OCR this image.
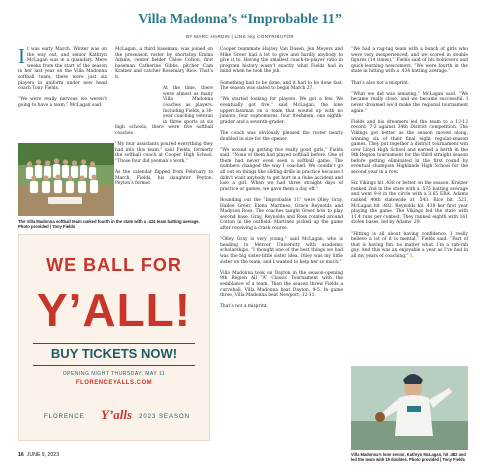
Villa Madonna’s “Improbable 11”
BY MARC HARDIN | LINK nky CONTRIBUTOR

It was early March. Winter was on the way out, and senior Kathryn McLagan was in a quandary. Mere weeks from the start of the season in her last year on the Villa Madonna softball team, there were just six players in uniform under new head coach Tony Fields.

“We were really nervous we weren’t going to have a team,” McLagan said.

McLagan, a third baseman, was joined on the preseason roster by shortstop Emma Adams, center fielder Chloe Cotton, first baseman Catherine Gibbs, pitcher Cam Kratzer and catcher Rosemary Rice. That’s it.

At the time, there were almost as many Villa Madonna coaches as players. Including Fields, a 36-year coaching veteran in three sports at six high schools, there were five softball coaches.

“My four assistants poured everything they had into this team,” said Fields, formerly the softball coach at Cooper High School. “Those four did yeoman’s work.”

As the calendar flipped from February to March, Fields, his daughter Peyton, Peyton’s former

Cooper teammate Hayley Van Dusen, Jen Meyers and Mike Greer had a lot to give and hardly anybody to give it to. Having the smallest coach-to-player ratio in program history wasn’t exactly what Fields had in mind when he took the job.

Something had to be done, and it had to be done fast. The season was slated to begin March 27.

“We started looking for players. We got a few. We eventually got five,” said McLagan, the lone upperclassman on a team that wound up with no juniors, four sophomores, four freshmen, one eighth-grader and a seventh-grader.

The coach was obviously pleased the roster nearly doubled in size for the opener.

“We wound up getting five really good girls,” Fields said. “None of them had played softball before. One of them had never even seen a softball game. The numbers changed the way I coached. We couldn’t go all out on things like sliding drills in practice because I didn’t want anybody to get hurt in a fluke accident and lose a girl. When we had three straight days of practice or games, we gave them a day off.”

Rounding out the “Improbable 11” were Olley Gray, Hailee Greer, Elena Martinez, Grace Reynolds and Madyson Ross. The coaches taught Greer how to play second base. Gray, Reynolds and Ross rotated around Cotton in the outfield. Martinez picked up the game after receiving a crash course.

“Olley Gray is very young,” said McLagan, who is heading to Mercer University with academic scholarships. “I thought one of the best things we had was the big sister-little sister idea. Olley was my little sister on the team, and I wanted to help her so much.”

Villa Madonna took on Dayton in the season-opening 9th Region All “A” Classic Tournament with the semblance of a team. Then the season threw Fields a curveball. Villa Madonna beat Dayton, 9-5. In game three, Villa Madonna beat Newport, 12-11.

That’s not a misprint.

“We had a rag-tag team with a bunch of girls who were very inexperienced, and we scored in double figures (14 times),” Fields said of his holdovers and quick-learning newcomers. “We were fourth in the state in hitting with a .434 batting average.”

That’s also not a misprint.

“What we did was amazing,” McLagan said. “We became really close, and we became successful. I never dreamed we’d make the regional tournament again.”

Fields and his dreamers led the team to a 13-12 record, 7-3 against 34th District competition. The Vikings got better as the season moved along, winning six of their final eight regular-season games. They put together a district tournament win over Lloyd High School and earned a berth in the 9th Region tournament for the third straight season before getting eliminated in the first round by eventual champion Highlands High School for the second year in a row.

Six Vikings hit .438 or better on the season. Kratzer ranked 2nd in the state with a .575 batting average and went 9-8 in the circle with a 3.65 ERA. Adams ranked 40th statewide at .543. Rice hit .521. McLagan hit .482. Reynolds hit .438 her first year playing the game. The Vikings led the state with 11.4 runs per contest. They ranked eighth with 161 stolen bases, led by Adams’ 29.

“Hitting is all about having confidence. I really believe a lot of it is mental,” Fields said. “Part of that is having fun, no matter what. I’m a rah-rah guy. And this was an enjoyable a year as I’ve had in all my years of coaching.” L

The Villa Madonna softball team ranked fourth in the state with a .434 team batting average. Photo provided | Tony Fields
WE BALL FOR
Y’ALL!
BUY TICKETS NOW!
OPENING NIGHT THURSDAY, MAY 11
FLORENCEYALLS.COM
FLORENCE Y’alls 2023 SEASON
Villa Madonna’s lone senior, Kathryn McLagan, hit .482 and led the team with 19 doubles. Photo provided | Tony Fields
16 JUNE 9, 2023
